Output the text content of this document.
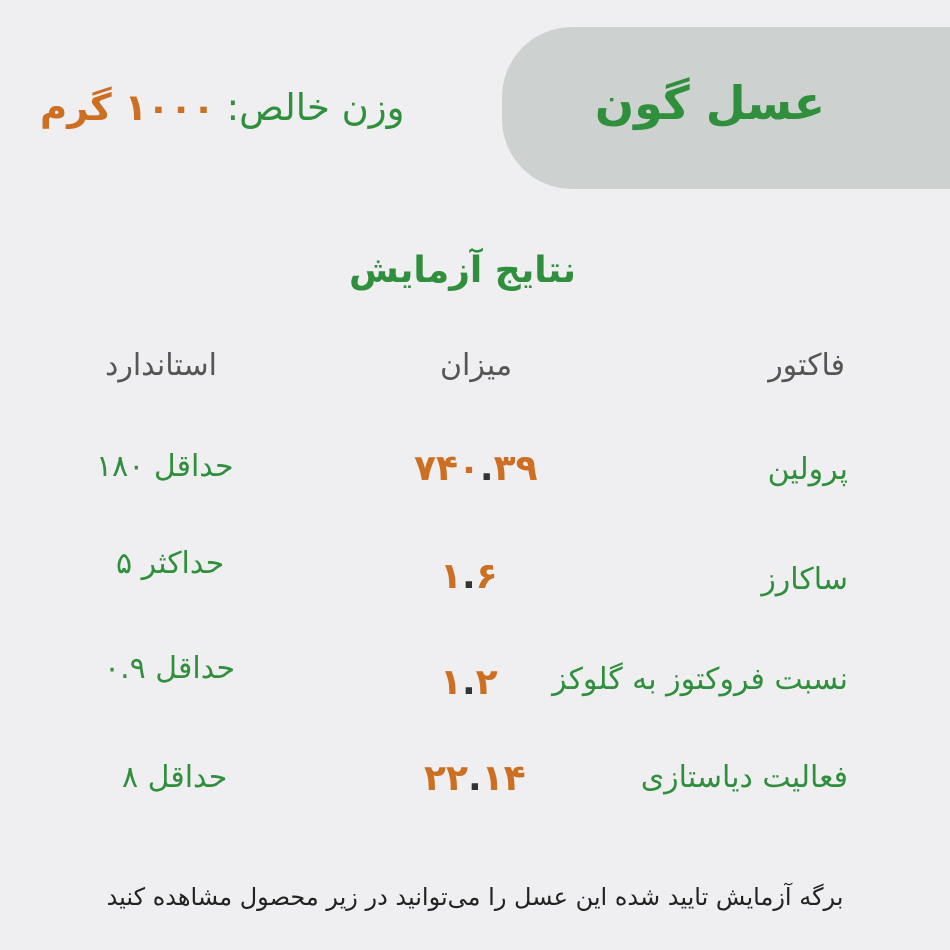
عسل گون
وزن خالص: ۱۰۰۰ گرم
نتایج آزمایش
فاکتور
میزان
استاندارد
پرولین
۷۴۰.۳۹
حداقل ۱۸۰
ساکارز
۱.۶
حداکثر ۵
نسبت فروکتوز به گلوکز
۱.۲
حداقل ۰.۹
فعالیت دیاستازی
۲۲.۱۴
حداقل ۸
برگه آزمایش تایید شده این عسل را می‌توانید در زیر محصول مشاهده کنید
